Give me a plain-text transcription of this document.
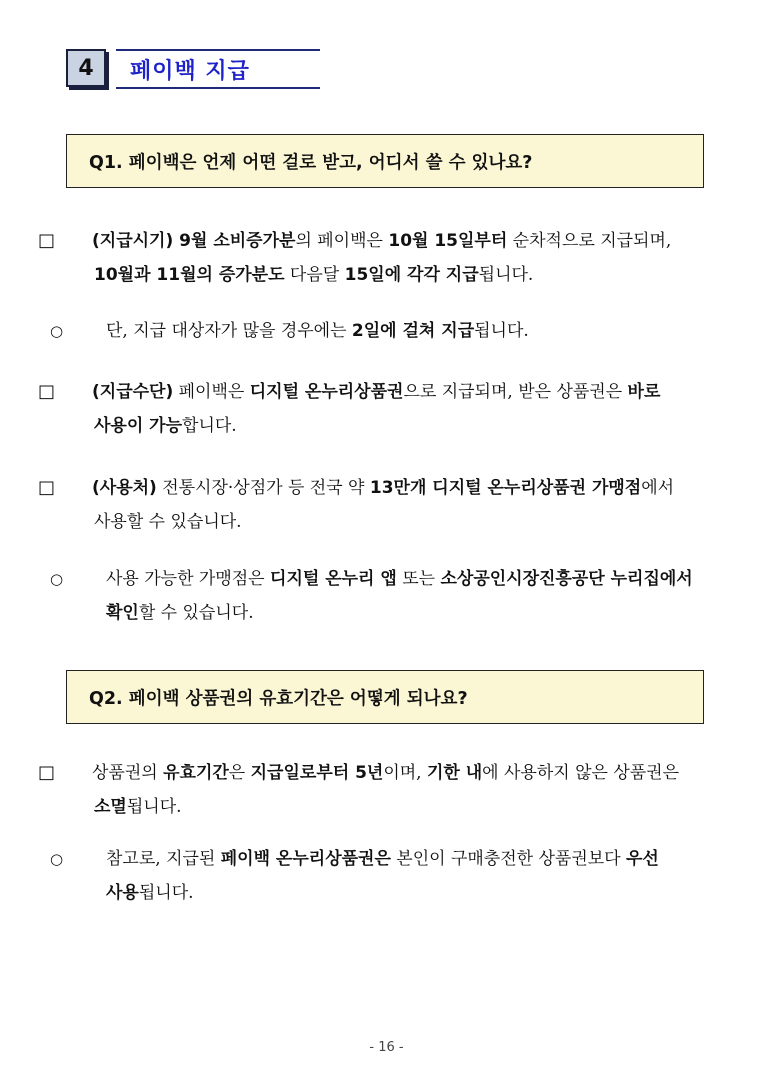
4	페이백 지급
Q1. 페이백은 언제 어떤 걸로 받고, 어디서 쓸 수 있나요?
□ (지급시기) 9월 소비증가분의 페이백은 10월 15일부터 순차적으로 지급되며, 10월과 11월의 증가분도 다음달 15일에 각각 지급됩니다.
○	단, 지급 대상자가 많을 경우에는 2일에 걸쳐 지급됩니다.
□ (지급수단) 페이백은 디지털 온누리상품권으로 지급되며, 받은 상품권은 바로 사용이 가능합니다.
□ (사용처) 전통시장·상점가 등 전국 약 13만개 디지털 온누리상품권 가맹점에서 사용할 수 있습니다.
○	사용 가능한 가맹점은 디지털 온누리 앱 또는 소상공인시장진흥공단 누리집에서 확인할 수 있습니다.
Q2. 페이백 상품권의 유효기간은 어떻게 되나요?
□ 상품권의 유효기간은 지급일로부터 5년이며, 기한 내에 사용하지 않은 상품권은 소멸됩니다.
○	참고로, 지급된 페이백 온누리상품권은 본인이 구매충전한 상품권보다 우선 사용됩니다.
- 16 -
